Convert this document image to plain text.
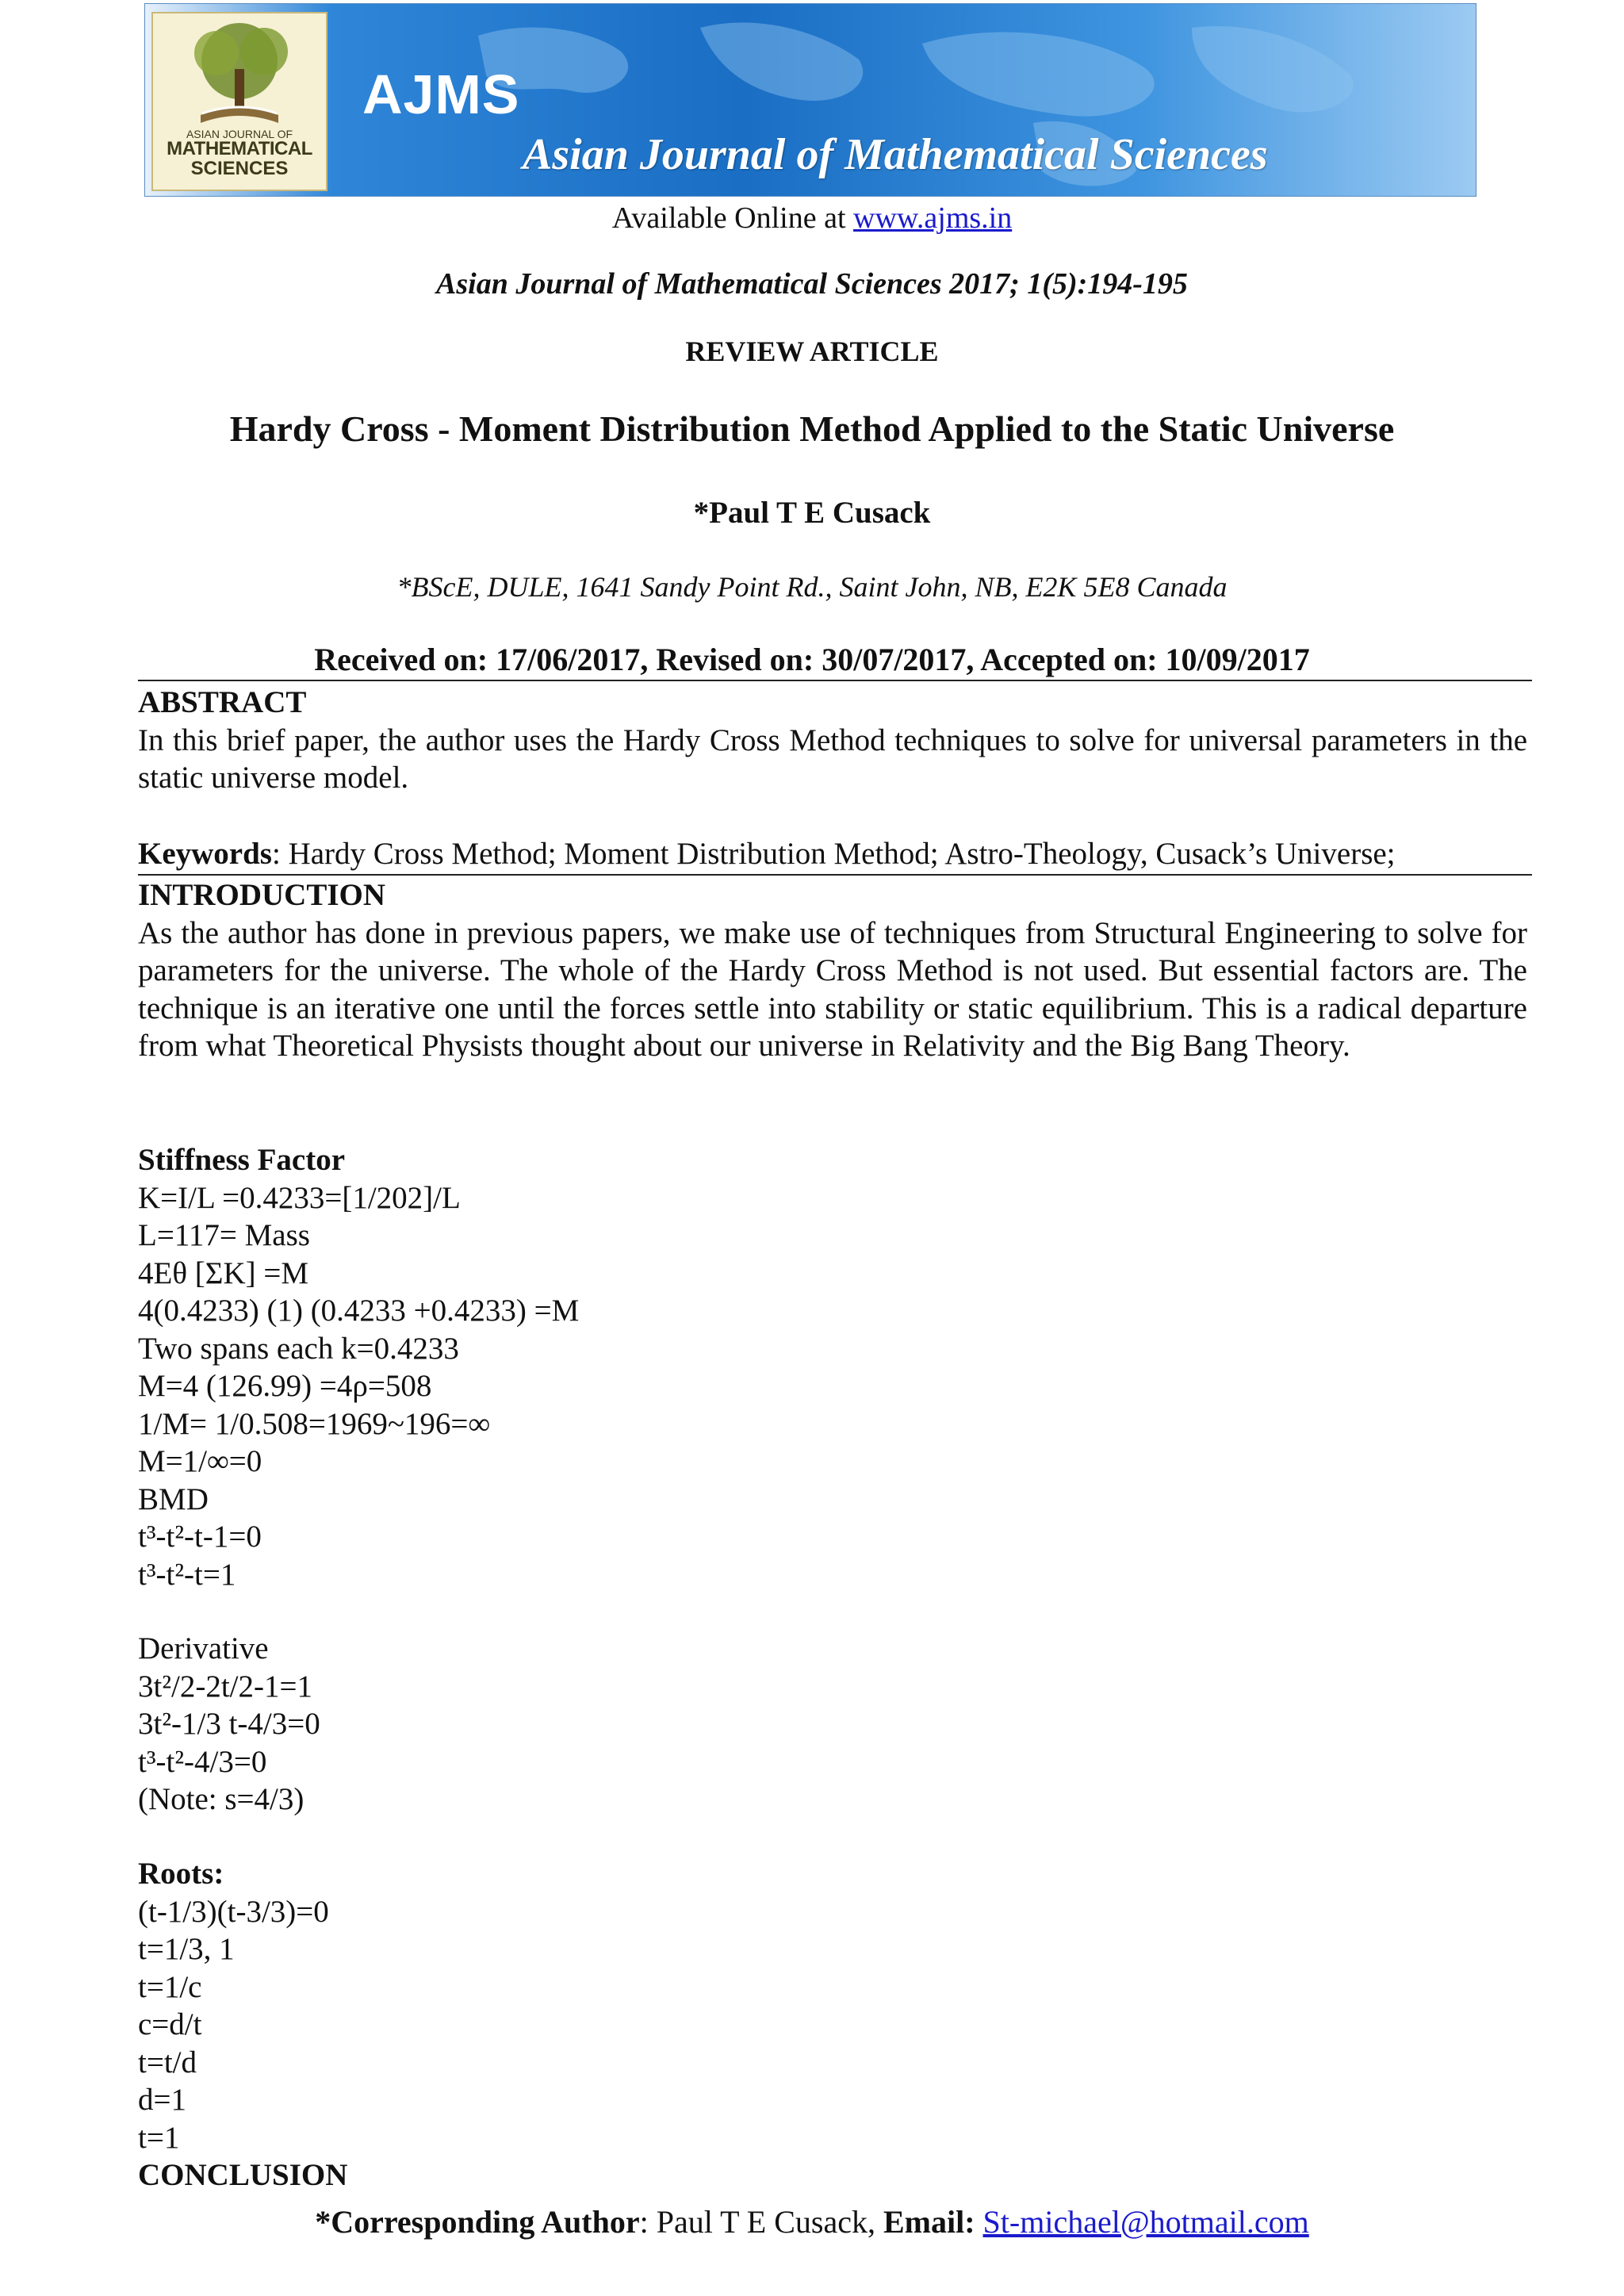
ASIAN JOURNAL OF
MATHEMATICAL
SCIENCES
AJMS
Asian Journal of Mathematical Sciences
Available Online at www.ajms.in
Asian Journal of Mathematical Sciences 2017; 1(5):194-195
REVIEW ARTICLE
Hardy Cross - Moment Distribution Method Applied to the Static Universe
*Paul T E Cusack
*BScE, DULE, 1641 Sandy Point Rd., Saint John, NB, E2K 5E8 Canada
Received on: 17/06/2017, Revised on: 30/07/2017, Accepted on: 10/09/2017
ABSTRACT
In this brief paper, the author uses the Hardy Cross Method techniques to solve for universal parameters in the static universe model.
Keywords: Hardy Cross Method; Moment Distribution Method; Astro-Theology, Cusack’s Universe;
INTRODUCTION
As the author has done in previous papers, we make use of techniques from Structural Engineering to solve for parameters for the universe. The whole of the Hardy Cross Method is not used. But essential factors are. The technique is an iterative one until the forces settle into stability or static equilibrium. This is a radical departure from what Theoretical Physists thought about our universe in Relativity and the Big Bang Theory.
Stiffness Factor
K=I/L =0.4233=[1/202]/L
L=117= Mass
4Eθ [ΣK] =M
4(0.4233) (1) (0.4233 +0.4233) =M
Two spans each k=0.4233
M=4 (126.99) =4ρ=508
1/M= 1/0.508=1969~196=∞
M=1/∞=0
BMD
t³-t²-t-1=0
t³-t²-t=1
Derivative
3t²/2-2t/2-1=1
3t²-1/3 t-4/3=0
t³-t²-4/3=0
(Note: s=4/3)
Roots:
(t-1/3)(t-3/3)=0
t=1/3, 1
t=1/c
c=d/t
t=t/d
d=1
t=1
CONCLUSION
*Corresponding Author: Paul T E Cusack, Email: St-michael@hotmail.com
